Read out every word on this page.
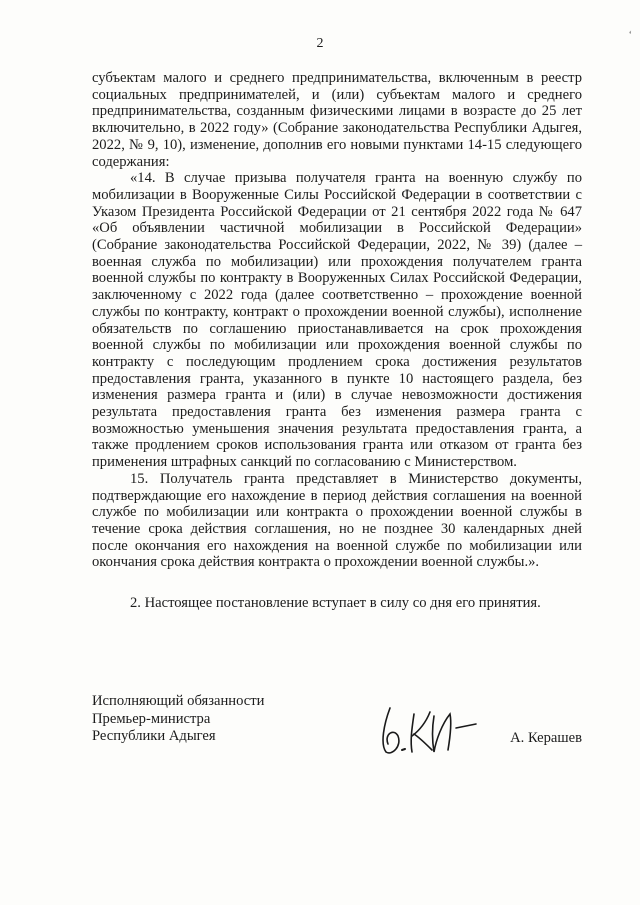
ʻ
2

субъектам малого и среднего предпринимательства, включенным в реестр социальных предпринимателей, и (или) субъектам малого и среднего предпринимательства, созданным физическими лицами в возрасте до 25 лет включительно, в 2022 году» (Собрание законодательства Республики Адыгея, 2022, № 9, 10), изменение, дополнив его новыми пунктами 14-15 следующего содержания:

«14. В случае призыва получателя гранта на военную службу по мобилизации в Вооруженные Силы Российской Федерации в соответствии с Указом Президента Российской Федерации от 21 сентября 2022 года № 647 «Об объявлении частичной мобилизации в Российской Федерации» (Собрание законодательства Российской Федерации, 2022, № 39) (далее – военная служба по мобилизации) или прохождения получателем гранта военной службы по контракту в Вооруженных Силах Российской Федерации, заключенному с 2022 года (далее соответственно – прохождение военной службы по контракту, контракт о прохождении военной службы), исполнение обязательств по соглашению приостанавливается на срок прохождения военной службы по мобилизации или прохождения военной службы по контракту с последующим продлением срока достижения результатов предоставления гранта, указанного в пункте 10 настоящего раздела, без изменения размера гранта и (или) в случае невозможности достижения результата предоставления гранта без изменения размера гранта с возможностью уменьшения значения результата предоставления гранта, а также продлением сроков использования гранта или отказом от гранта без применения штрафных санкций по согласованию с Министерством.

15. Получатель гранта представляет в Министерство документы, подтверждающие его нахождение в период действия соглашения на военной службе по мобилизации или контракта о прохождении военной службы в течение срока действия соглашения, но не позднее 30 календарных дней после окончания его нахождения на военной службе по мобилизации или окончания срока действия контракта о прохождении военной службы.».

2. Настоящее постановление вступает в силу со дня его принятия.

Исполняющий обязанности
Премьер-министра
Республики Адыгея	А. Керашев
